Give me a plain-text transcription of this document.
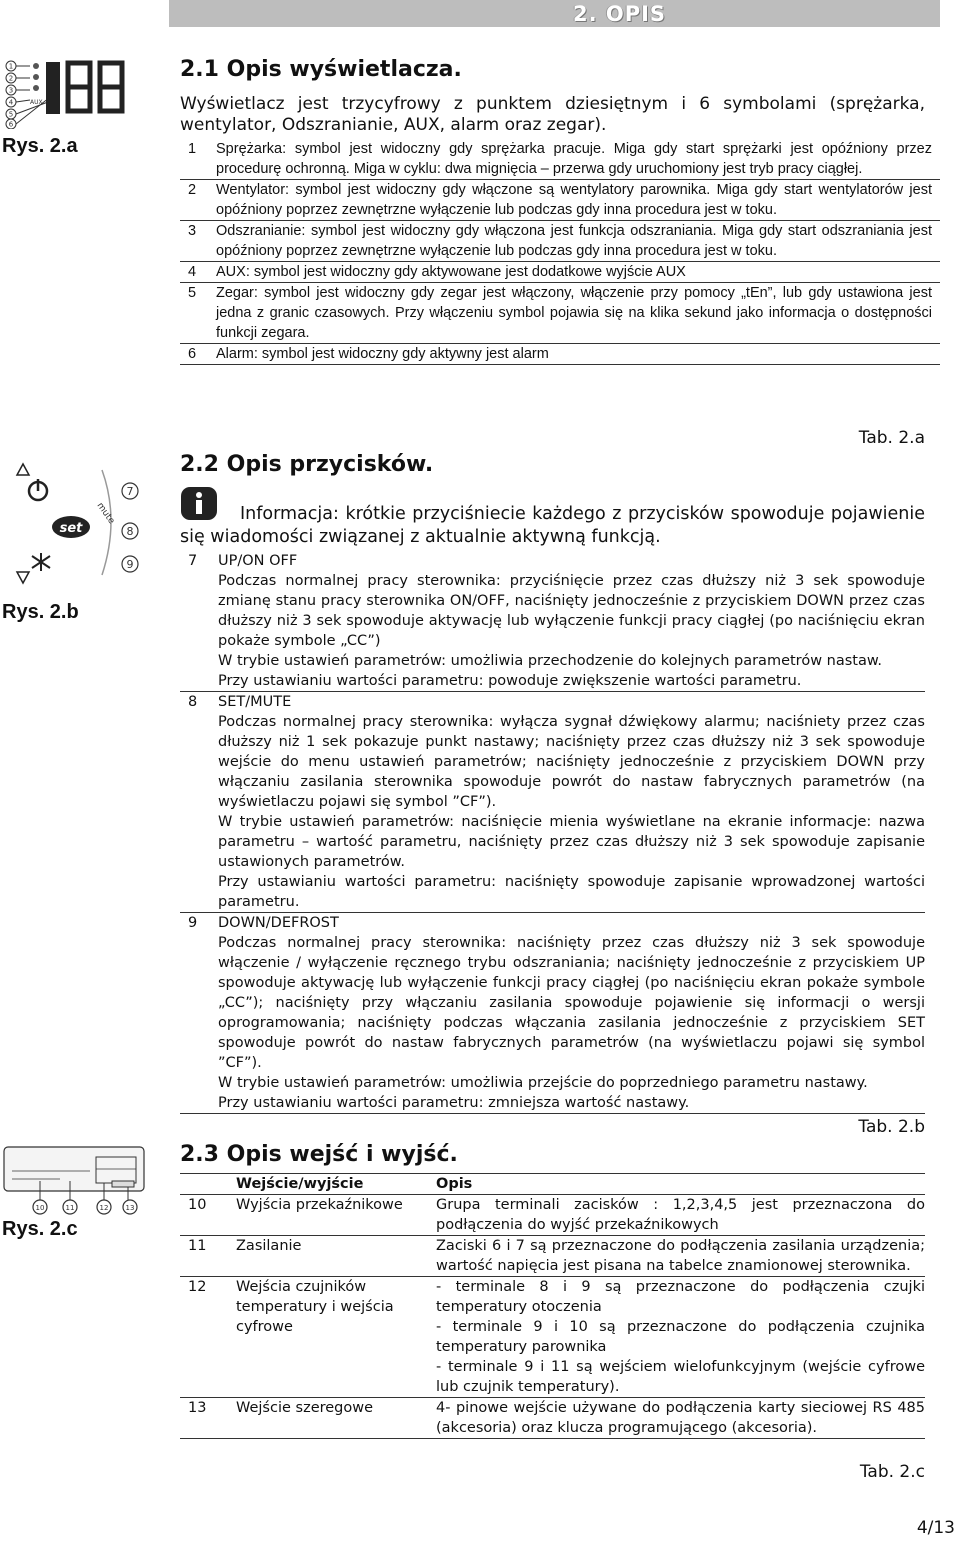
2. OPIS
1
2
3
4
5
6
AUX
Rys. 2.a
set
mute
7
8
9
Rys. 2.b
10	11	12 13
Rys. 2.c
2.1 Opis wyświetlacza.
Wyświetlacz jest trzycyfrowy z punktem dziesiętnym i 6 symbolami (sprężarka, wentylator, Odszranianie, AUX, alarm oraz zegar).
1	Sprężarka: symbol jest widoczny gdy sprężarka pracuje. Miga gdy start sprężarki jest opóźniony przez procedurę ochronną. Miga w cyklu: dwa mignięcia – przerwa gdy uruchomiony jest tryb pracy ciągłej.
2	Wentylator: symbol jest widoczny gdy włączone są wentylatory parownika. Miga gdy start wentylatorów jest opóźniony poprzez zewnętrzne wyłączenie lub podczas gdy inna procedura jest w toku.
3	Odszranianie: symbol jest widoczny gdy włączona jest funkcja odszraniania. Miga gdy start odszraniania jest opóźniony poprzez zewnętrzne wyłączenie lub podczas gdy inna procedura jest w toku.
4	AUX: symbol jest widoczny gdy aktywowane jest dodatkowe wyjście AUX
5	Zegar: symbol jest widoczny gdy zegar jest włączony, włączenie przy pomocy „tEn”, lub gdy ustawiona jest jedna z granic czasowych. Przy włączeniu symbol pojawia się na klika sekund jako informacja o dostępności funkcji zegara.
6	Alarm: symbol jest widoczny gdy aktywny jest alarm
Tab. 2.a
2.2 Opis przycisków.
Informacja: krótkie przyciśniecie każdego z przycisków spowoduje pojawienie się wiadomości związanej z aktualnie aktywną funkcją.
7	UP/ON OFF
Podczas normalnej pracy sterownika: przyciśnięcie przez czas dłuższy niż 3 sek spowoduje zmianę stanu pracy sterownika ON/OFF, naciśnięty jednocześnie z przyciskiem DOWN przez czas dłuższy niż 3 sek spowoduje aktywację lub wyłączenie funkcji pracy ciągłej (po naciśnięciu ekran pokaże symbole „CC”)
W trybie ustawień parametrów: umożliwia przechodzenie do kolejnych parametrów nastaw.
Przy ustawianiu wartości parametru: powoduje zwiększenie wartości parametru.

8	SET/MUTE
Podczas normalnej pracy sterownika: wyłącza sygnał dźwiękowy alarmu; naciśniety przez czas dłuższy niż 1 sek pokazuje punkt nastawy; naciśnięty przez czas dłuższy niż 3 sek spowoduje wejście do menu ustawień parametrów; naciśnięty jednocześnie z przyciskiem DOWN przy włączaniu zasilania sterownika spowoduje powrót do nastaw fabrycznych parametrów (na wyświetlaczu pojawi się symbol ”CF”).
W trybie ustawień parametrów: naciśnięcie mienia wyświetlane na ekranie informacje: nazwa parametru – wartość parametru, naciśnięty przez czas dłuższy niż 3 sek spowoduje zapisanie ustawionych parametrów.
Przy ustawianiu wartości parametru: naciśnięty spowoduje zapisanie wprowadzonej wartości parametru.

9	DOWN/DEFROST
Podczas normalnej pracy sterownika: naciśnięty przez czas dłuższy niż 3 sek spowoduje włączenie / wyłączenie ręcznego trybu odszraniania; naciśnięty jednocześnie z przyciskiem UP spowoduje aktywację lub wyłączenie funkcji pracy ciągłej (po naciśnięciu ekran pokaże symbole „CC”); naciśnięty przy włączaniu zasilania spowoduje pojawienie się informacji o wersji oprogramowania; naciśnięty podczas włączania zasilania jednocześnie z przyciskiem SET spowoduje powrót do nastaw fabrycznych parametrów (na wyświetlaczu pojawi się symbol ”CF”).
W trybie ustawień parametrów: umożliwia przejście do poprzedniego parametru nastawy.
Przy ustawianiu wartości parametru: zmniejsza wartość nastawy.
Tab. 2.b
2.3 Opis wejść i wyjść.
	Wejście/wyjście	Opis
10	Wyjścia przekaźnikowe	Grupa terminali zacisków : 1,2,3,4,5 jest przeznaczona do podłączenia do wyjść przekaźnikowych

11	Zasilanie	Zaciski 6 i 7 są przeznaczone do podłączenia zasilania urządzenia; wartość napięcia jest pisana na tabelce znamionowej sterownika.

12	Wejścia czujników temperatury i wejścia cyfrowe	- terminale 8 i 9 są przeznaczone do podłączenia czujki temperatury otoczenia
- terminale 9 i 10 są przeznaczone do podłączenia czujnika temperatury parownika
- terminale 9 i 11 są wejściem wielofunkcyjnym (wejście cyfrowe lub czujnik temperatury).

13	Wejście szeregowe	4- pinowe wejście używane do podłączenia karty sieciowej RS 485 (akcesoria) oraz klucza programującego (akcesoria).
Tab. 2.c
4/13
